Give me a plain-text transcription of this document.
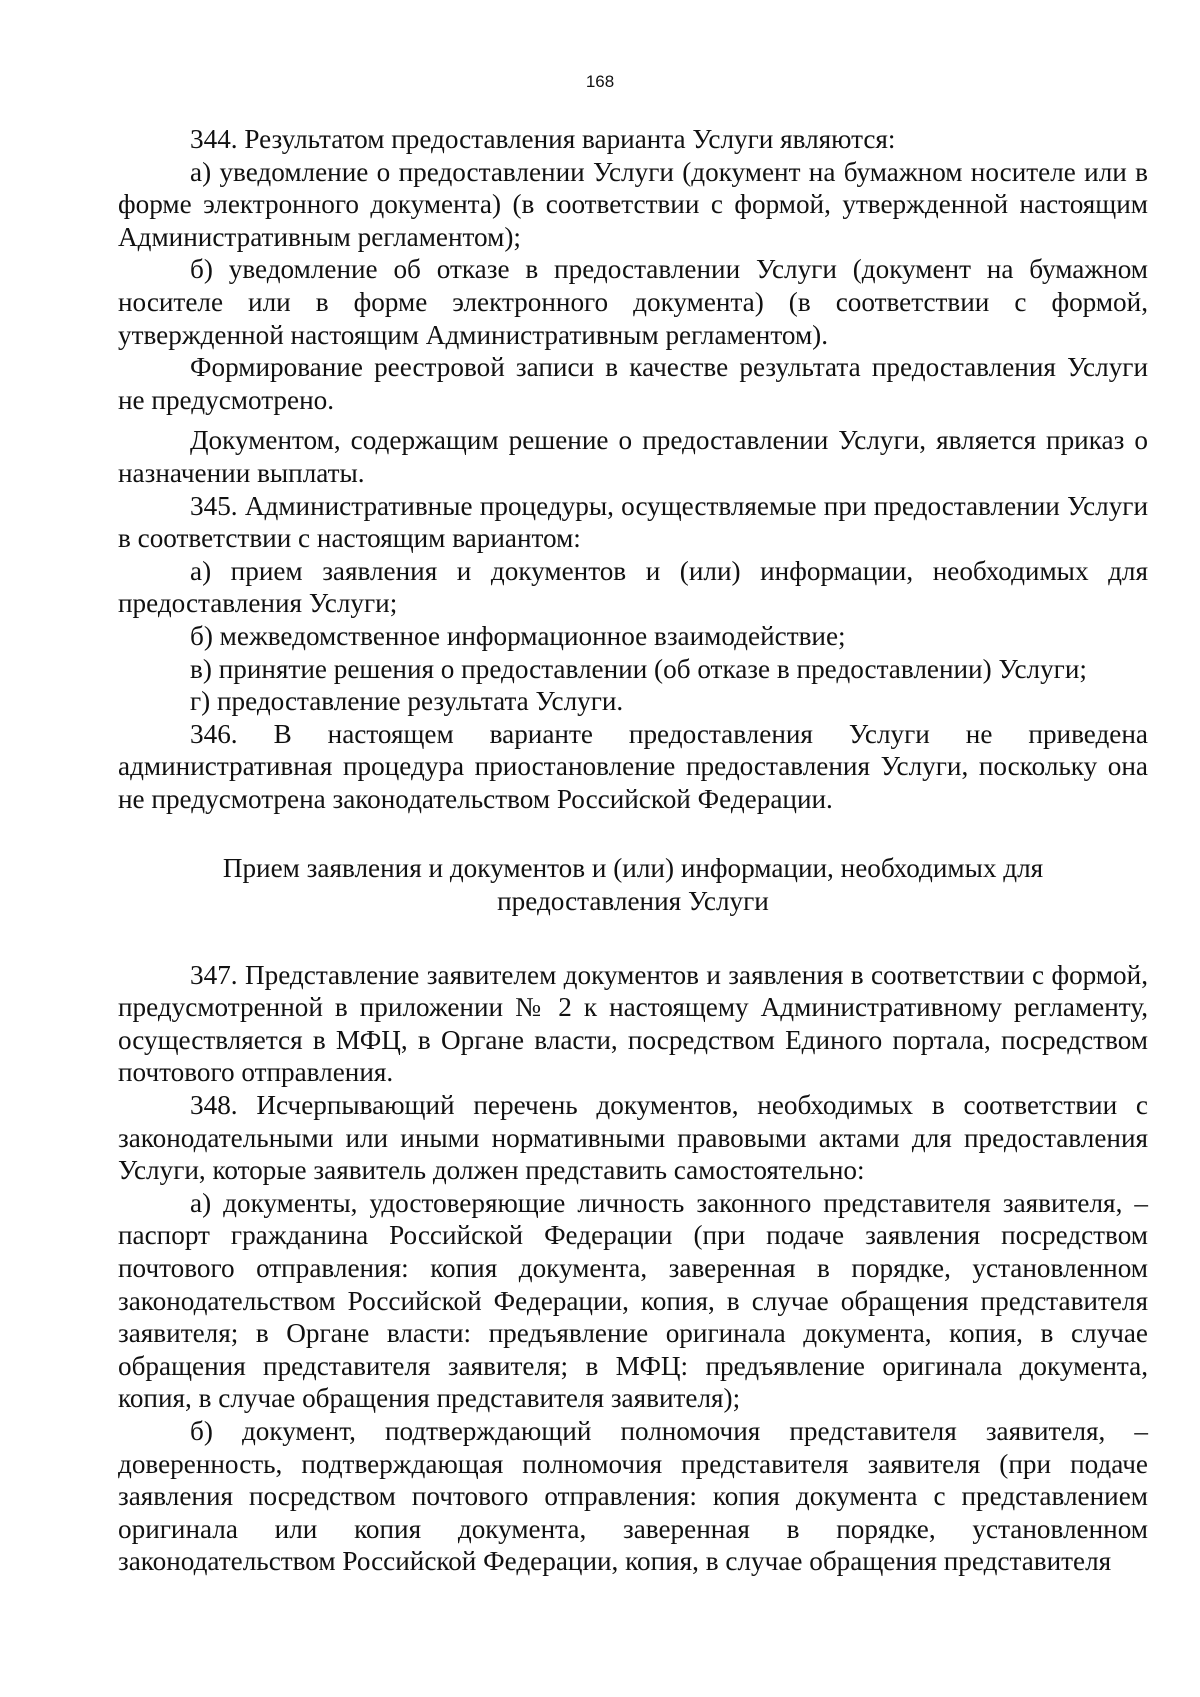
168

344. Результатом предоставления варианта Услуги являются:

а) уведомление о предоставлении Услуги (документ на бумажном носителе или в форме электронного документа) (в соответствии с формой, утвержденной настоящим Административным регламентом);

б) уведомление об отказе в предоставлении Услуги (документ на бумажном носителе или в форме электронного документа) (в соответствии с формой, утвержденной настоящим Административным регламентом).

Формирование реестровой записи в качестве результата предоставления Услуги не предусмотрено.

Документом, содержащим решение о предоставлении Услуги, является приказ о назначении выплаты.

345. Административные процедуры, осуществляемые при предоставлении Услуги в соответствии с настоящим вариантом:

а) прием заявления и документов и (или) информации, необходимых для предоставления Услуги;

б) межведомственное информационное взаимодействие;

в) принятие решения о предоставлении (об отказе в предоставлении) Услуги;

г) предоставление результата Услуги.

346. В настоящем варианте предоставления Услуги не приведена административная процедура приостановление предоставления Услуги, поскольку она не предусмотрена законодательством Российской Федерации.

Прием заявления и документов и (или) информации, необходимых для
предоставления Услуги

347. Представление заявителем документов и заявления в соответствии с формой, предусмотренной в приложении № 2 к настоящему Административному регламенту, осуществляется в МФЦ, в Органе власти, посредством Единого портала, посредством почтового отправления.

348. Исчерпывающий перечень документов, необходимых в соответствии с законодательными или иными нормативными правовыми актами для предоставления Услуги, которые заявитель должен представить самостоятельно:

а) документы, удостоверяющие личность законного представителя заявителя, – паспорт гражданина Российской Федерации (при подаче заявления посредством почтового отправления: копия документа, заверенная в порядке, установленном законодательством Российской Федерации, копия, в случае обращения представителя заявителя; в Органе власти: предъявление оригинала документа, копия, в случае обращения представителя заявителя; в МФЦ: предъявление оригинала документа, копия, в случае обращения представителя заявителя);

б) документ, подтверждающий полномочия представителя заявителя, – доверенность, подтверждающая полномочия представителя заявителя (при подаче заявления посредством почтового отправления: копия документа с представлением оригинала или копия документа, заверенная в порядке, установленном законодательством Российской Федерации, копия, в случае обращения представителя
